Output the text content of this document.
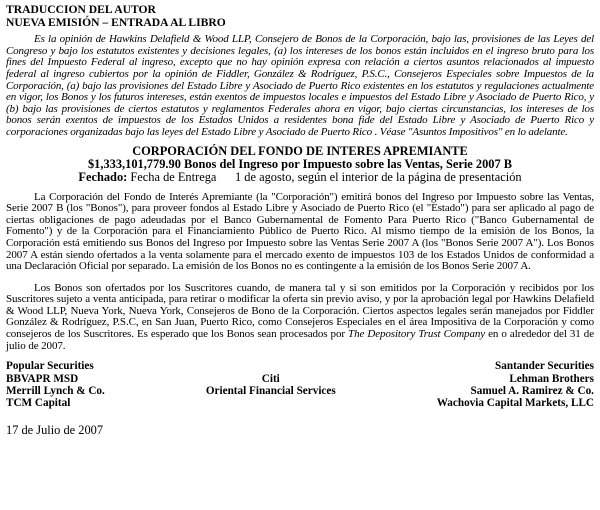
TRADUCCION DEL AUTOR
NUEVA EMISIÓN – ENTRADA AL LIBRO
Es la opinión de Hawkins Delafield & Wood LLP, Consejero de Bonos de la Corporación, bajo las, provisiones de las Leyes del Congreso y bajo los estatutos existentes y decisiones legales, (a) los intereses de los bonos están incluidos en el ingreso bruto para los fines del Impuesto Federal al ingreso, excepto que no hay opinión expresa con relación a ciertos asuntos relacionados al impuesto federal al ingreso cubiertos por la opinión de Fiddler, González & Rodríguez, P.S.C., Consejeros Especiales sobre Impuestos de la Corporación, (a) bajo las provisiones del Estado Libre y Asociado de Puerto Rico existentes en los estatutos y regulaciones actualmente en vigor, los Bonos y los futuros intereses, están exentos de impuestos locales e impuestos del Estado Libre y Asociado de Puerto Rico, y (b) bajo las provisiones de ciertos estatutos y reglamentos Federales ahora en vigor, bajo ciertas circunstancias, los intereses de los bonos serán exentos de impuestos de los Estados Unidos a residentes bona fide del Estado Libre y Asociado de Puerto Rico y corporaciones organizadas bajo las leyes del Estado Libre y Asociado de Puerto Rico . Véase "Asuntos Impositivos" en lo adelante.
CORPORACIÓN DEL FONDO DE INTERES APREMIANTE
$1,333,101,779.90 Bonos del Ingreso por Impuesto sobre las Ventas, Serie 2007 B
Fechado: Fecha de Entrega      1 de agosto, según el interior de la página de presentación
La Corporación del Fondo de Interés Apremiante (la "Corporación") emitirá bonos del Ingreso por Impuesto sobre las Ventas, Serie 2007 B (los "Bonos"), para proveer fondos al Estado Libre y Asociado de Puerto Rico (el "Estado") para ser aplicado al pago de ciertas obligaciones de pago adeudadas por el Banco Gubernamental de Fomento Para Puerto Rico ("Banco Gubernamental de Fomento") y de la Corporación para el Financiamiento Público de Puerto Rico. Al mismo tiempo de la emisión de los Bonos, la Corporación está emitiendo sus Bonos del Ingreso por Impuesto sobre las Ventas Serie 2007 A (los "Bonos Serie 2007 A"). Los Bonos 2007 A están siendo ofertados a la venta solamente para el mercado exento de impuestos 103 de los Estados Unidos de conformidad a una Declaración Oficial por separado. La emisión de los Bonos no es contingente a la emisión de los Bonos Serie 2007 A.
Los Bonos son ofertados por los Suscritores cuando, de manera tal y si son emitidos por la Corporación y recibidos por los Suscritores sujeto a venta anticipada, para retirar o modificar la oferta sin previo aviso, y por la aprobación legal por Hawkins Delafield & Wood LLP, Nueva York, Nueva York, Consejeros de Bono de la Corporación. Ciertos aspectos legales serán manejados por Fiddler González & Rodríguez, P.S.C, en San Juan, Puerto Rico, como Consejeros Especiales en el área Impositiva de la Corporación y como consejeros de los Suscritores. Es esperado que los Bonos sean procesados por The Depository Trust Company en o alrededor del 31 de julio de 2007.
Popular Securities
BBVAPR MSD
Merrill Lynch & Co.
TCM Capital
Citi
Oriental Financial Services
Santander Securities
Lehman Brothers
Samuel A. Ramirez & Co.
Wachovia Capital Markets, LLC
17 de Julio de 2007
